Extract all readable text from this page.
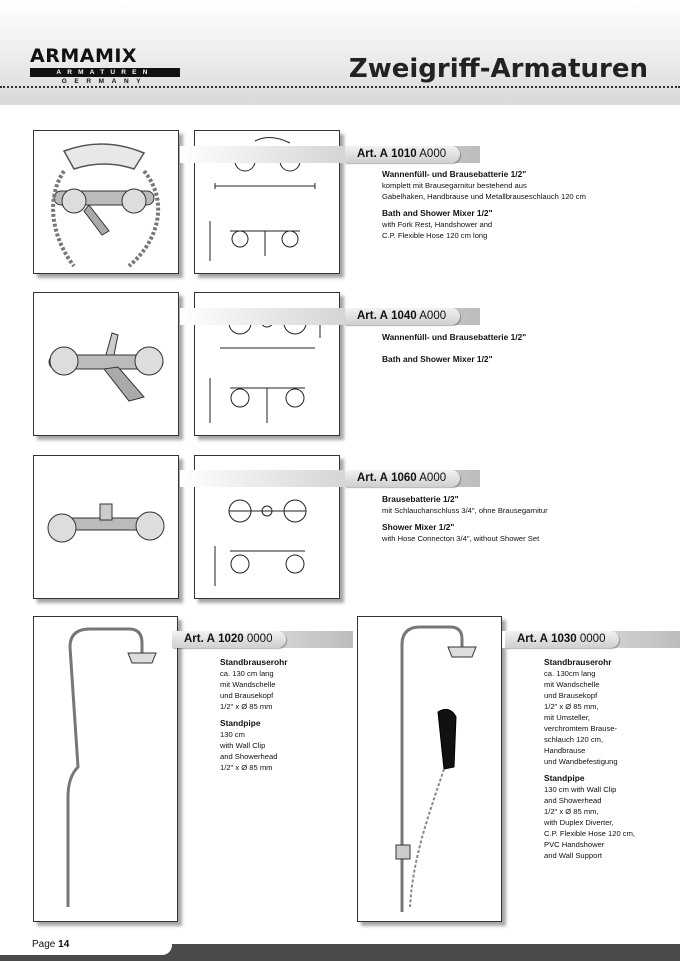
ARMAMIX
ARMATUREN
GERMANY	Zweigriff-Armaturen
Art. A 1010 A000
Wannenfüll- und Brausebatterie 1/2"
komplett mit Brausegarnitur bestehend aus
Gabelhaken, Handbrause und Metallbrauseschlauch 120 cm
Bath and Shower Mixer 1/2"
with Fork Rest, Handshower and
C.P. Flexible Hose 120 cm long
Art. A 1040 A000
Wannenfüll- und Brausebatterie 1/2"
Bath and Shower Mixer 1/2"
Art. A 1060 A000
Brausebatterie 1/2"
mit Schlauchanschluss 3/4", ohne Brausegarnitur
Shower Mixer 1/2"
with Hose Connecton 3/4", without Shower Set
Art. A 1020 0000
Standbrauserohr
ca. 130 cm lang
mit Wandschelle
und Brausekopf
1/2" x Ø 85 mm
Standpipe
130 cm
with Wall Clip
and Showerhead
1/2" x Ø 85 mm
Art. A 1030 0000
Standbrauserohr
ca. 130cm lang
mit Wandschelle
und Brausekopf
1/2" x Ø 85 mm,
mit Umsteller,
verchromtem Brause-
schlauch 120 cm,
Handbrause
und Wandbefestigung
Standpipe
130 cm with Wall Clip
and Showerhead
1/2" x Ø 85 mm,
with Duplex Diverter,
C.P. Flexible Hose 120 cm,
PVC Handshower
and Wall Support
Page 14
